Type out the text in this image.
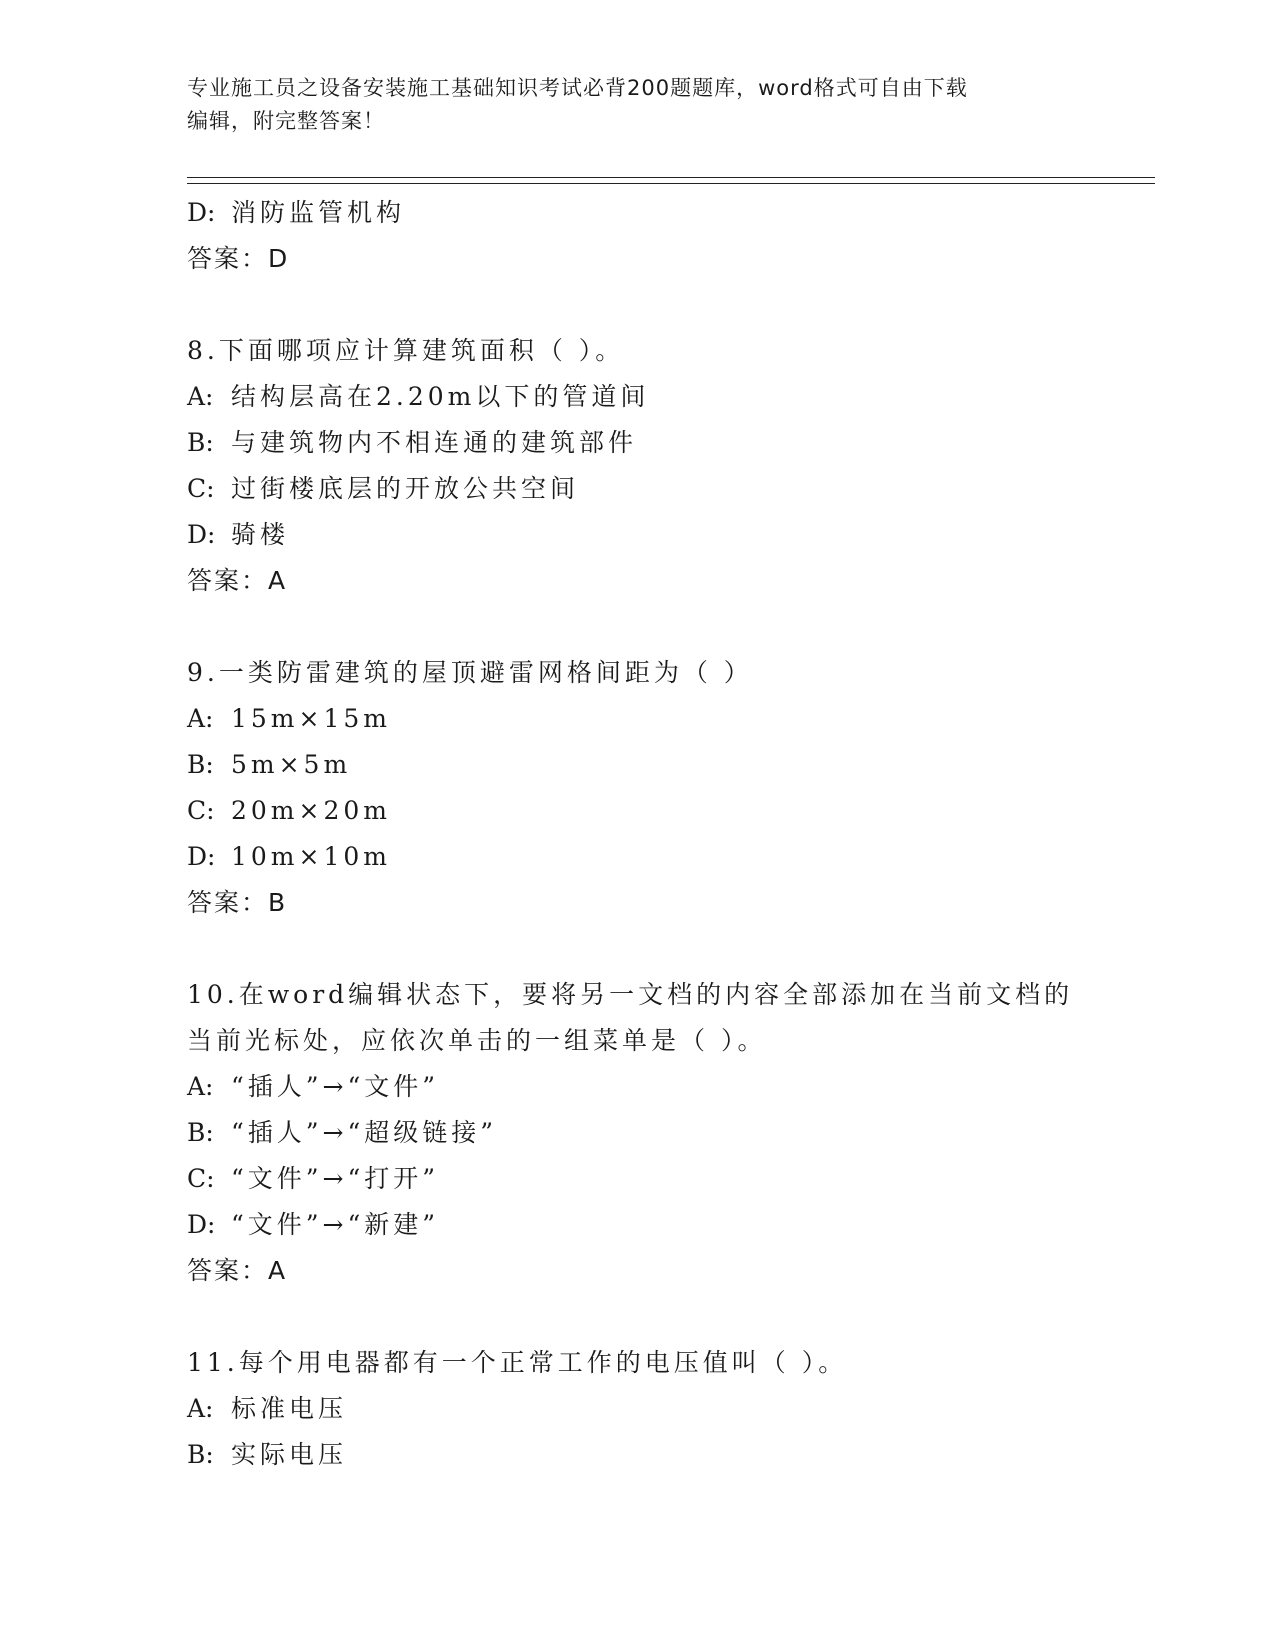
专业施工员之设备安装施工基础知识考试必背200题题库，word格式可自由下载
编辑，附完整答案！
D: 消防监管机构
答案：D
8.下面哪项应计算建筑面积（ ）。
A: 结构层高在2.20m以下的管道间
B: 与建筑物内不相连通的建筑部件
C: 过街楼底层的开放公共空间
D: 骑楼
答案：A
9.一类防雷建筑的屋顶避雷网格间距为（ ）
A: 15m×15m
B: 5m×5m
C: 20m×20m
D: 10m×10m
答案：B
10.在word编辑状态下，要将另一文档的内容全部添加在当前文档的
当前光标处，应依次单击的一组菜单是（ ）。
A: “插人”→“文件”
B: “插人”→“超级链接”
C: “文件”→“打开”
D: “文件”→“新建”
答案：A
11.每个用电器都有一个正常工作的电压值叫（ ）。
A: 标准电压
B: 实际电压
